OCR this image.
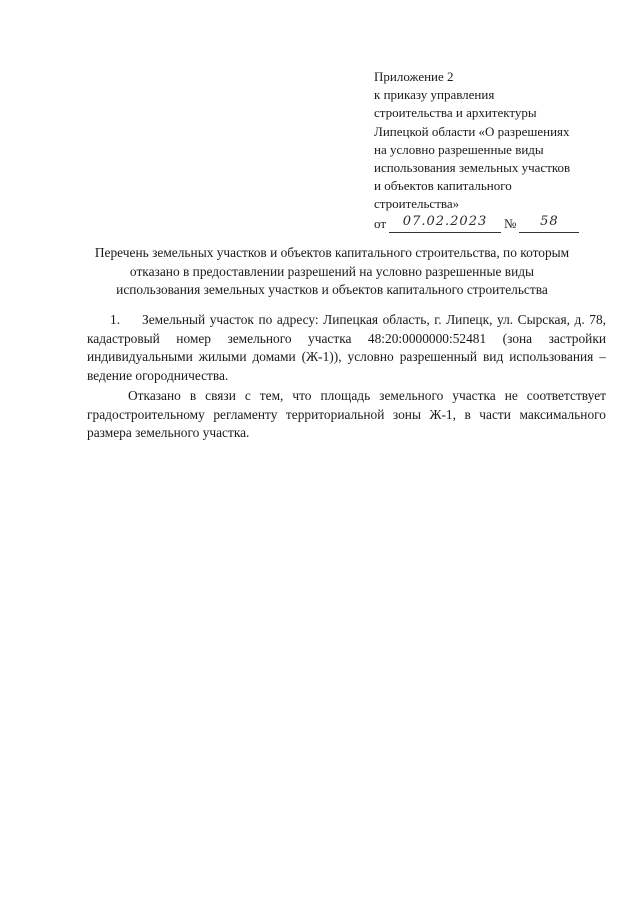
Приложение 2
к приказу управления
строительства и архитектуры
Липецкой области «О разрешениях
на условно разрешенные виды
использования земельных участков
и объектов капитального
строительства»
от	07.02.2023	№	58
Перечень земельных участков и объектов капитального строительства, по которым
отказано в предоставлении разрешений на условно разрешенные виды
использования земельных участков и объектов капитального строительства
1. Земельный участок по адресу: Липецкая область, г. Липецк, ул. Сырская, д. 78, кадастровый номер земельного участка 48:20:0000000:52481 (зона застройки индивидуальными жилыми домами (Ж-1)), условно разрешенный вид использования – ведение огородничества.
Отказано в связи с тем, что площадь земельного участка не соответствует градостроительному регламенту территориальной зоны Ж-1, в части максимального размера земельного участка.
